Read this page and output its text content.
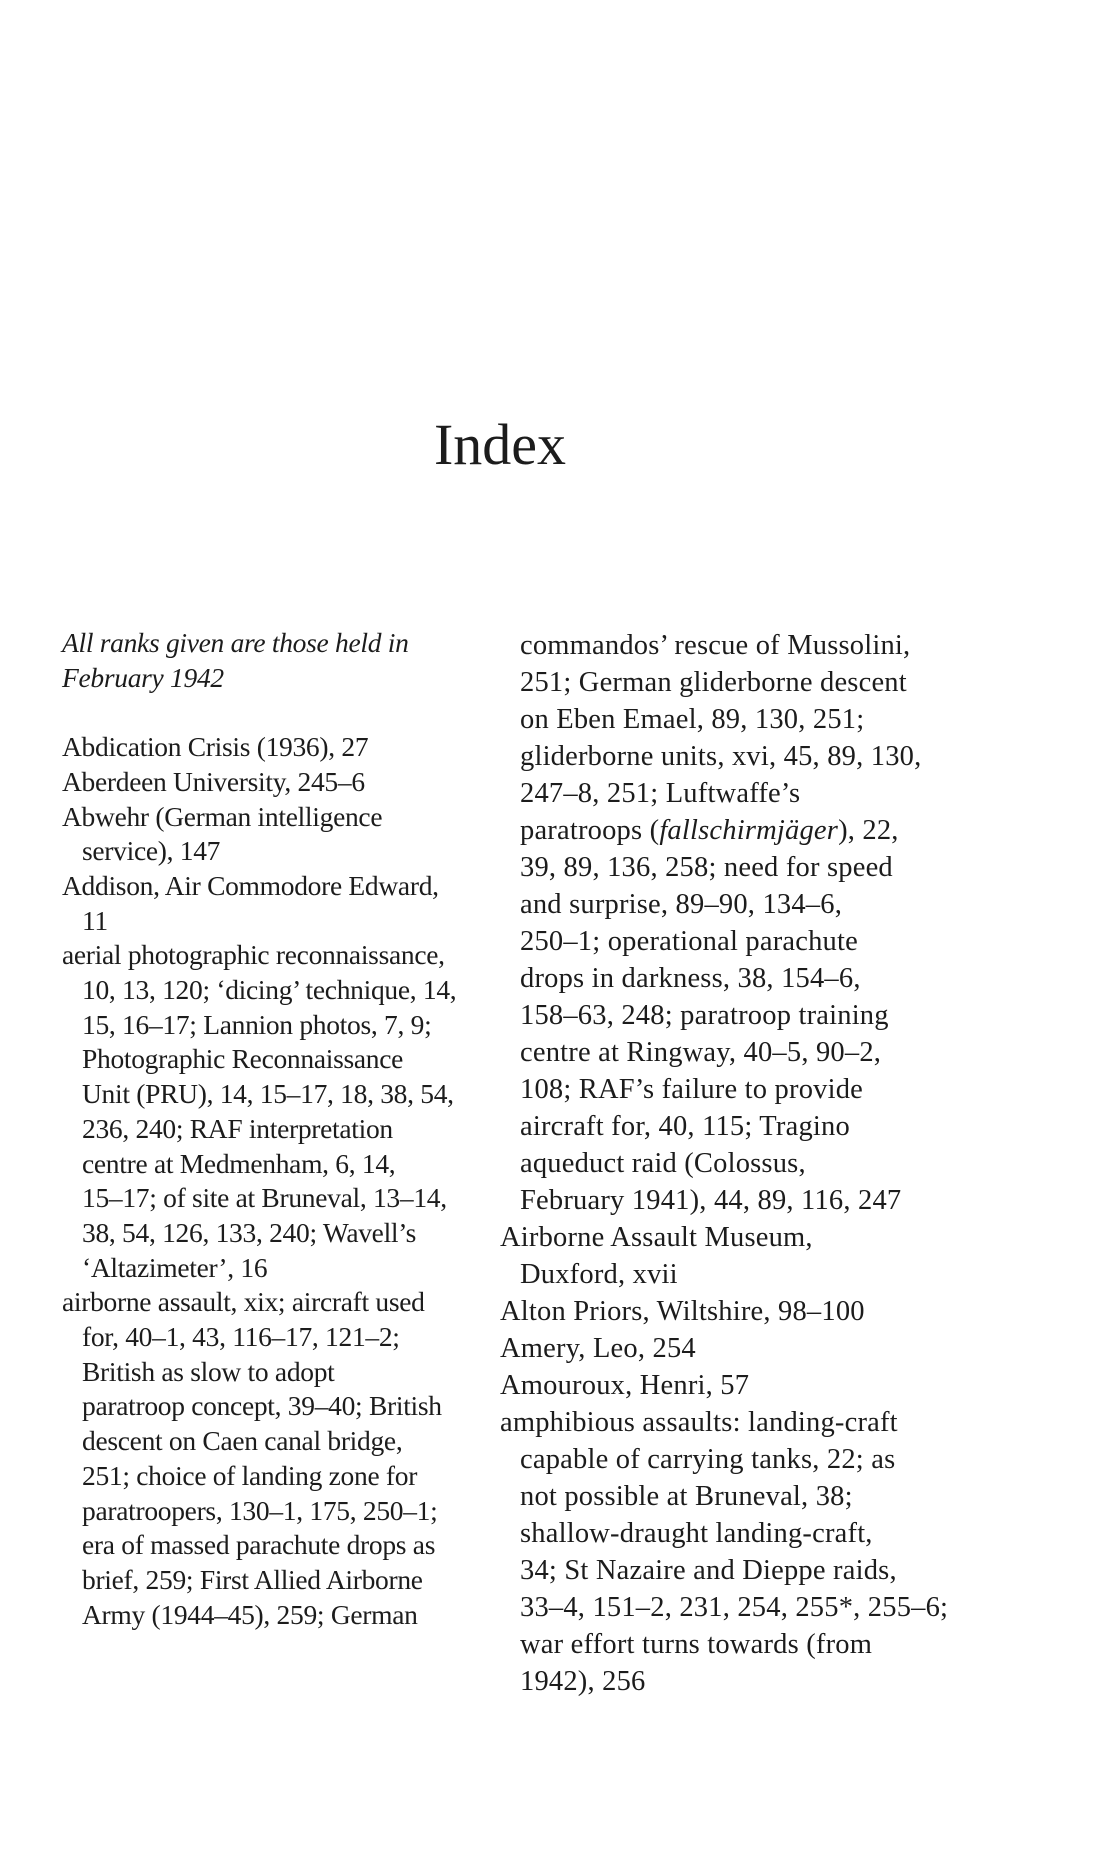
Index
All ranks given are those held in
February 1942
Abdication Crisis (1936), 27
Aberdeen University, 245–6
Abwehr (German intelligence
service), 147
Addison, Air Commodore Edward,
11
aerial photographic reconnaissance,
10, 13, 120; ‘dicing’ technique, 14,
15, 16–17; Lannion photos, 7, 9;
Photographic Reconnaissance
Unit (PRU), 14, 15–17, 18, 38, 54,
236, 240; RAF interpretation
centre at Medmenham, 6, 14,
15–17; of site at Bruneval, 13–14,
38, 54, 126, 133, 240; Wavell’s
‘Altazimeter’, 16
airborne assault, xix; aircraft used
for, 40–1, 43, 116–17, 121–2;
British as slow to adopt
paratroop concept, 39–40; British
descent on Caen canal bridge,
251; choice of landing zone for
paratroopers, 130–1, 175, 250–1;
era of massed parachute drops as
brief, 259; First Allied Airborne
Army (1944–45), 259; German
commandos’ rescue of Mussolini,
251; German gliderborne descent
on Eben Emael, 89, 130, 251;
gliderborne units, xvi, 45, 89, 130,
247–8, 251; Luftwaffe’s
paratroops (fallschirmjäger), 22,
39, 89, 136, 258; need for speed
and surprise, 89–90, 134–6,
250–1; operational parachute
drops in darkness, 38, 154–6,
158–63, 248; paratroop training
centre at Ringway, 40–5, 90–2,
108; RAF’s failure to provide
aircraft for, 40, 115; Tragino
aqueduct raid (Colossus,
February 1941), 44, 89, 116, 247
Airborne Assault Museum,
Duxford, xvii
Alton Priors, Wiltshire, 98–100
Amery, Leo, 254
Amouroux, Henri, 57
amphibious assaults: landing-craft
capable of carrying tanks, 22; as
not possible at Bruneval, 38;
shallow-draught landing-craft,
34; St Nazaire and Dieppe raids,
33–4, 151–2, 231, 254, 255*, 255–6;
war effort turns towards (from
1942), 256
